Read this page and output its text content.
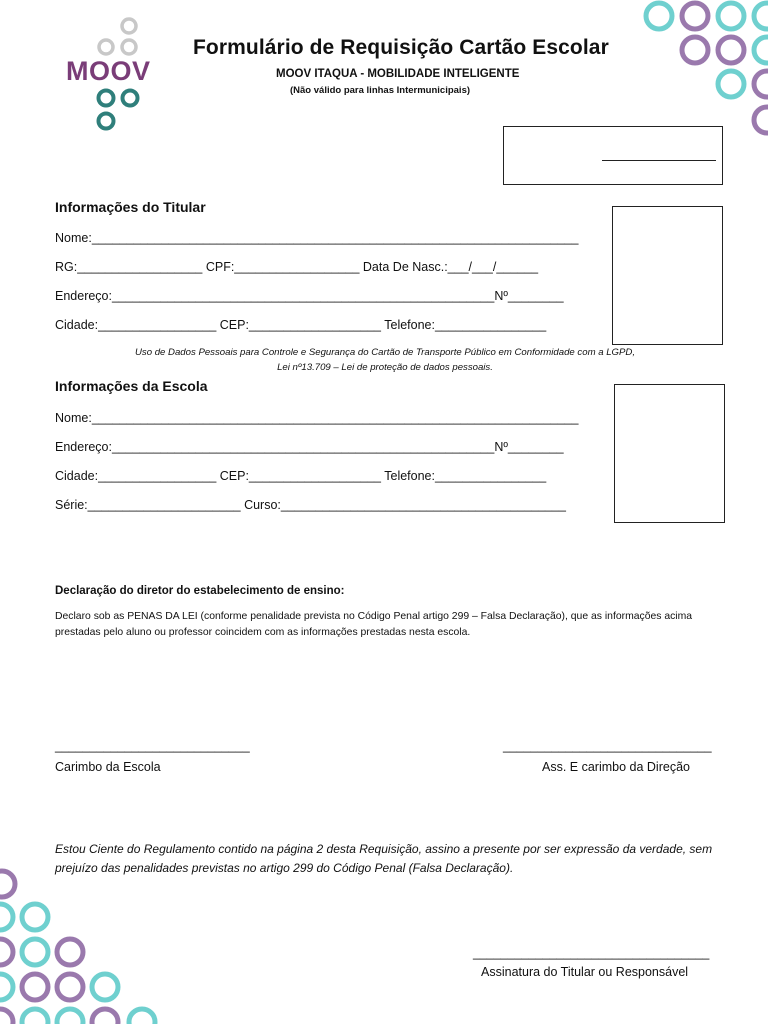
MOOV
Formulário de Requisição Cartão Escolar
MOOV ITAQUA - MOBILIDADE INTELIGENTE
(Não válido para linhas Intermunicipais)
Informações do Titular
Nome:______________________________________________________________________
RG:__________________ CPF:__________________ Data De Nasc.:___/___/______
Endereço:_______________________________________________________Nº________
Cidade:_________________ CEP:___________________ Telefone:________________
Uso de Dados Pessoais para Controle e Segurança do Cartão de Transporte Público em Conformidade com a LGPD,
Lei nº13.709 – Lei de proteção de dados pessoais.
Informações da Escola
Nome:______________________________________________________________________
Endereço:_______________________________________________________Nº________
Cidade:_________________ CEP:___________________ Telefone:________________
Série:______________________ Curso:_________________________________________
Declaração do diretor do estabelecimento de ensino:
Declaro sob as PENAS DA LEI (conforme penalidade prevista no Código Penal artigo 299 – Falsa Declaração), que as informações acima prestadas pelo aluno ou professor coincidem com as informações prestadas nesta escola.
____________________________
Carimbo da Escola
______________________________
Ass. E carimbo da Direção
Estou Ciente do Regulamento contido na página 2 desta Requisição, assino a presente por ser expressão da verdade, sem prejuízo das penalidades previstas no artigo 299 do Código Penal (Falsa Declaração).
__________________________________
Assinatura do Titular ou Responsável
